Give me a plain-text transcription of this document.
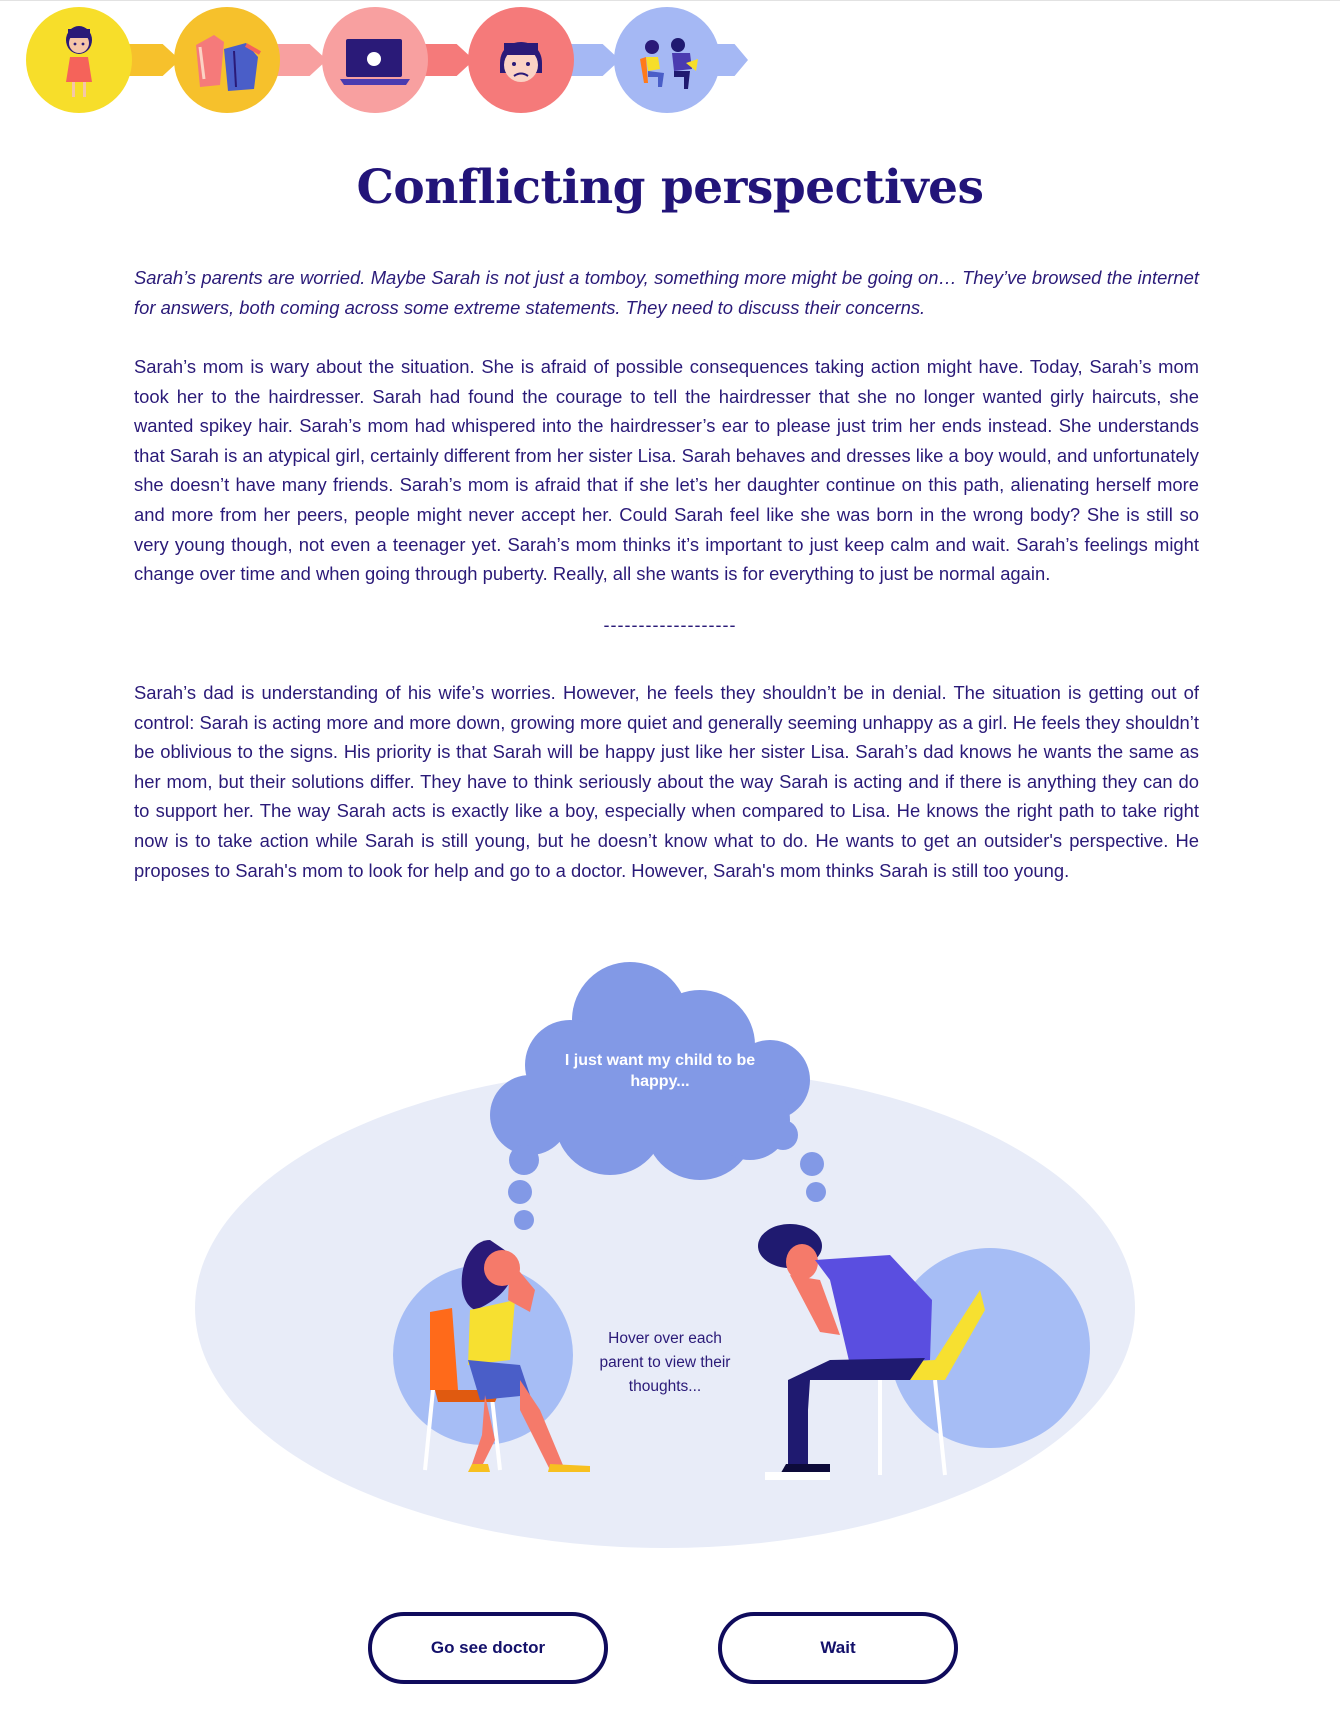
Conflicting perspectives

Sarah’s parents are worried. Maybe Sarah is not just a tomboy, something more might be going on… They’ve browsed the internet for answers, both coming across some extreme statements. They need to discuss their concerns.

Sarah’s mom is wary about the situation. She is afraid of possible consequences taking action might have. Today, Sarah’s mom took her to the hairdresser. Sarah had found the courage to tell the hairdresser that she no longer wanted girly haircuts, she wanted spikey hair. Sarah’s mom had whispered into the hairdresser’s ear to please just trim her ends instead. She understands that Sarah is an atypical girl, certainly different from her sister Lisa. Sarah behaves and dresses like a boy would, and unfortunately she doesn’t have many friends. Sarah’s mom is afraid that if she let’s her daughter continue on this path, alienating herself more and more from her peers, people might never accept her. Could Sarah feel like she was born in the wrong body? She is still so very young though, not even a teenager yet. Sarah’s mom thinks it’s important to just keep calm and wait. Sarah’s feelings might change over time and when going through puberty. Really, all she wants is for everything to just be normal again.

-------------------

Sarah’s dad is understanding of his wife’s worries. However, he feels they shouldn’t be in denial. The situation is getting out of control: Sarah is acting more and more down, growing more quiet and generally seeming unhappy as a girl. He feels they shouldn’t be oblivious to the signs. His priority is that Sarah will be happy just like her sister Lisa. Sarah’s dad knows he wants the same as her mom, but their solutions differ. They have to think seriously about the way Sarah is acting and if there is anything they can do to support her. The way Sarah acts is exactly like a boy, especially when compared to Lisa. He knows the right path to take right now is to take action while Sarah is still young, but he doesn’t know what to do. He wants to get an outsider's perspective. He proposes to Sarah's mom to look for help and go to a doctor. However, Sarah's mom thinks Sarah is still too young.

I just want my child to be happy...
Hover over each parent to view their thoughts...
Go see doctor	Wait
